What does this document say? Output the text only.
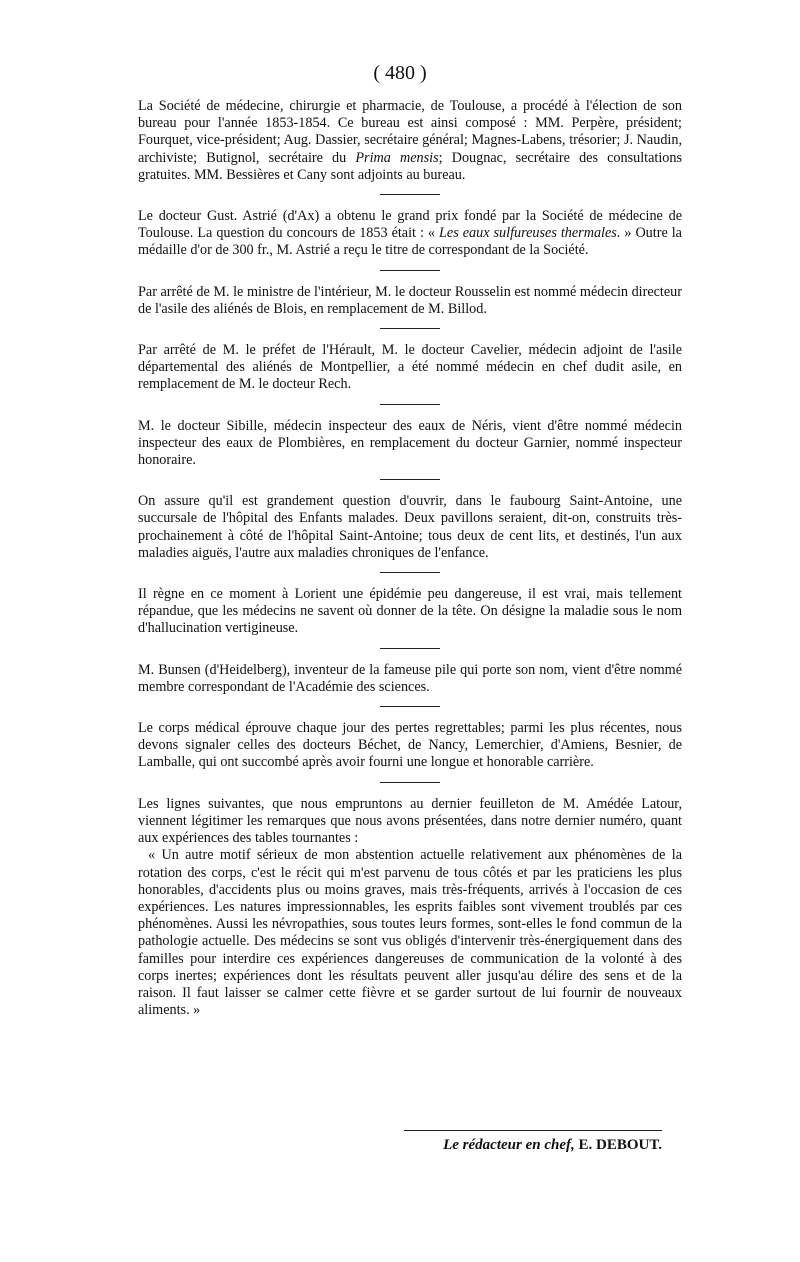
( 480 )

La Société de médecine, chirurgie et pharmacie, de Toulouse, a procédé à l'élection de son bureau pour l'année 1853-1854. Ce bureau est ainsi composé : MM. Perpère, président; Fourquet, vice-président; Aug. Dassier, secrétaire général; Magnes-Labens, trésorier; J. Naudin, archiviste; Butignol, secrétaire du Prima mensis; Dougnac, secrétaire des consultations gratuites. MM. Bessières et Cany sont adjoints au bureau.

Le docteur Gust. Astrié (d'Ax) a obtenu le grand prix fondé par la Société de médecine de Toulouse. La question du concours de 1853 était : « Les eaux sulfureuses thermales. » Outre la médaille d'or de 300 fr., M. Astrié a reçu le titre de correspondant de la Société.

Par arrêté de M. le ministre de l'intérieur, M. le docteur Rousselin est nommé médecin directeur de l'asile des aliénés de Blois, en remplacement de M. Billod.

Par arrêté de M. le préfet de l'Hérault, M. le docteur Cavelier, médecin adjoint de l'asile départemental des aliénés de Montpellier, a été nommé médecin en chef dudit asile, en remplacement de M. le docteur Rech.

M. le docteur Sibille, médecin inspecteur des eaux de Néris, vient d'être nommé médecin inspecteur des eaux de Plombières, en remplacement du docteur Garnier, nommé inspecteur honoraire.

On assure qu'il est grandement question d'ouvrir, dans le faubourg Saint-Antoine, une succursale de l'hôpital des Enfants malades. Deux pavillons seraient, dit-on, construits très-prochainement à côté de l'hôpital Saint-Antoine; tous deux de cent lits, et destinés, l'un aux maladies aiguës, l'autre aux maladies chroniques de l'enfance.

Il règne en ce moment à Lorient une épidémie peu dangereuse, il est vrai, mais tellement répandue, que les médecins ne savent où donner de la tête. On désigne la maladie sous le nom d'hallucination vertigineuse.

M. Bunsen (d'Heidelberg), inventeur de la fameuse pile qui porte son nom, vient d'être nommé membre correspondant de l'Académie des sciences.

Le corps médical éprouve chaque jour des pertes regrettables; parmi les plus récentes, nous devons signaler celles des docteurs Béchet, de Nancy, Lemerchier, d'Amiens, Besnier, de Lamballe, qui ont succombé après avoir fourni une longue et honorable carrière.

Les lignes suivantes, que nous empruntons au dernier feuilleton de M. Amédée Latour, viennent légitimer les remarques que nous avons présentées, dans notre dernier numéro, quant aux expériences des tables tournantes :

« Un autre motif sérieux de mon abstention actuelle relativement aux phénomènes de la rotation des corps, c'est le récit qui m'est parvenu de tous côtés et par les praticiens les plus honorables, d'accidents plus ou moins graves, mais très-fréquents, arrivés à l'occasion de ces expériences. Les natures impressionnables, les esprits faibles sont vivement troublés par ces phénomènes. Aussi les névropathies, sous toutes leurs formes, sont-elles le fond commun de la pathologie actuelle. Des médecins se sont vus obligés d'intervenir très-énergiquement dans des familles pour interdire ces expériences dangereuses de communication de la volonté à des corps inertes; expériences dont les résultats peuvent aller jusqu'au délire des sens et de la raison. Il faut laisser se calmer cette fièvre et se garder surtout de lui fournir de nouveaux aliments. »

Le rédacteur en chef, E. DEBOUT.
